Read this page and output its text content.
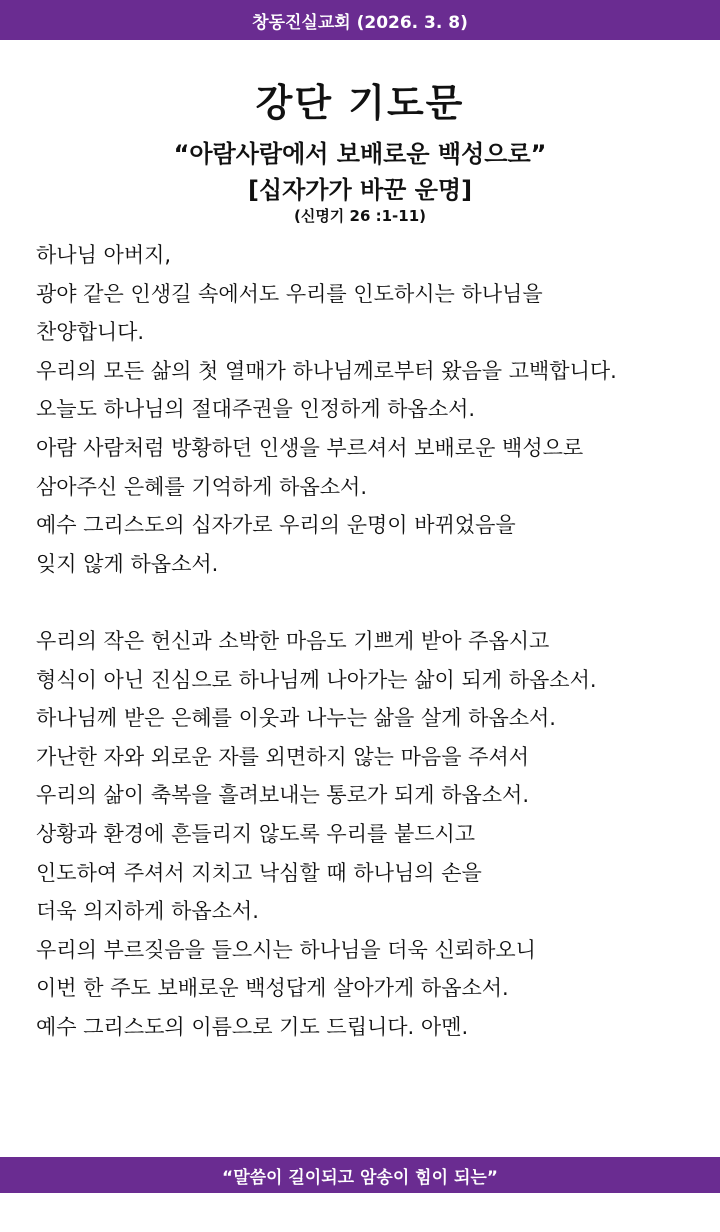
창동진실교회 (2026. 3. 8)
강단 기도문
“아람사람에서 보배로운 백성으로”
[십자가가 바꾼 운명]
(신명기 26 :1-11)
하나님 아버지,
광야 같은 인생길 속에서도 우리를 인도하시는 하나님을
찬양합니다.
우리의 모든 삶의 첫 열매가 하나님께로부터 왔음을 고백합니다.
오늘도 하나님의 절대주권을 인정하게 하옵소서.
아람 사람처럼 방황하던 인생을 부르셔서 보배로운 백성으로
삼아주신 은혜를 기억하게 하옵소서.
예수 그리스도의 십자가로 우리의 운명이 바뀌었음을
잊지 않게 하옵소서.
우리의 작은 헌신과 소박한 마음도 기쁘게 받아 주옵시고
형식이 아닌 진심으로 하나님께 나아가는 삶이 되게 하옵소서.
하나님께 받은 은혜를 이웃과 나누는 삶을 살게 하옵소서.
가난한 자와 외로운 자를 외면하지 않는 마음을 주셔서
우리의 삶이 축복을 흘려보내는 통로가 되게 하옵소서.
상황과 환경에 흔들리지 않도록 우리를 붙드시고
인도하여 주셔서 지치고 낙심할 때 하나님의 손을
더욱 의지하게 하옵소서.
우리의 부르짖음을 들으시는 하나님을 더욱 신뢰하오니
이번 한 주도 보배로운 백성답게 살아가게 하옵소서.
예수 그리스도의 이름으로 기도 드립니다. 아멘.
“말씀이 길이되고 암송이 힘이 되는”
